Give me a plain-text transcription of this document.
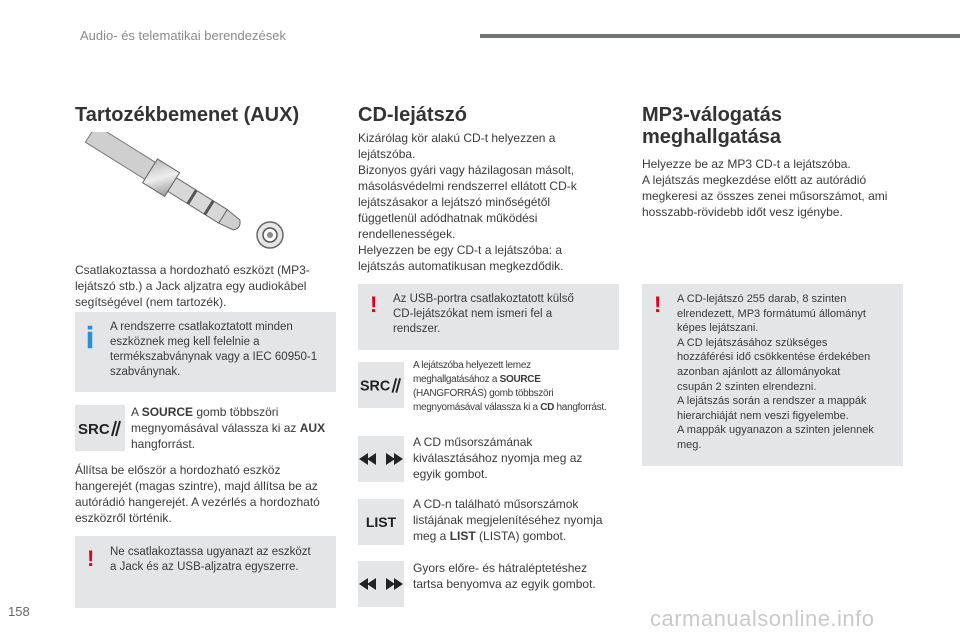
Audio- és telematikai berendezések
Tartozékbemenet (AUX)
Csatlakoztassa a hordozható eszközt (MP3-
lejátszó stb.) a Jack aljzatra egy audiokábel
segítségével (nem tartozék).
A rendszerre csatlakoztatott minden
eszköznek meg kell felelnie a
termékszabványnak vagy a IEC 60950-1
szabványnak.
SRC
A SOURCE gomb többszöri
megnyomásával válassza ki az AUX
hangforrást.
Állítsa be először a hordozható eszköz
hangerejét (magas szintre), majd állítsa be az
autórádió hangerejét. A vezérlés a hordozható
eszközről történik.
! Ne csatlakoztassa ugyanazt az eszközt
a Jack és az USB-aljzatra egyszerre.
CD-lejátszó
Kizárólag kör alakú CD-t helyezzen a
lejátszóba.
Bizonyos gyári vagy házilagosan másolt,
másolásvédelmi rendszerrel ellátott CD-k
lejátszásakor a lejátszó minőségétől
függetlenül adódhatnak működési
rendellenességek.
Helyezzen be egy CD-t a lejátszóba: a
lejátszás automatikusan megkezdődik.
! Az USB-portra csatlakoztatott külső
CD-lejátszókat nem ismeri fel a
rendszer.
SRC
A lejátszóba helyezett lemez
meghallgatásához a SOURCE
(HANGFORRÁS) gomb többszöri
megnyomásával válassza ki a CD hangforrást.
A CD műsorszámának
kiválasztásához nyomja meg az
egyik gombot.
LIST
A CD-n található műsorszámok
listájának megjelenítéséhez nyomja
meg a LIST (LISTA) gombot.
Gyors előre- és hátraléptetéshez
tartsa benyomva az egyik gombot.
MP3-válogatás
meghallgatása
Helyezze be az MP3 CD-t a lejátszóba.
A lejátszás megkezdése előtt az autórádió
megkeresi az összes zenei műsorszámot, ami
hosszabb-rövidebb időt vesz igénybe.
! A CD-lejátszó 255 darab, 8 szinten
elrendezett, MP3 formátumú állományt
képes lejátszani.
A CD lejátszásához szükséges
hozzáférési idő csökkentése érdekében
azonban ajánlott az állományokat
csupán 2 szinten elrendezni.
A lejátszás során a rendszer a mappák
hierarchiáját nem veszi figyelembe.
A mappák ugyanazon a szinten jelennek
meg.
158	carmanualsonline.info
